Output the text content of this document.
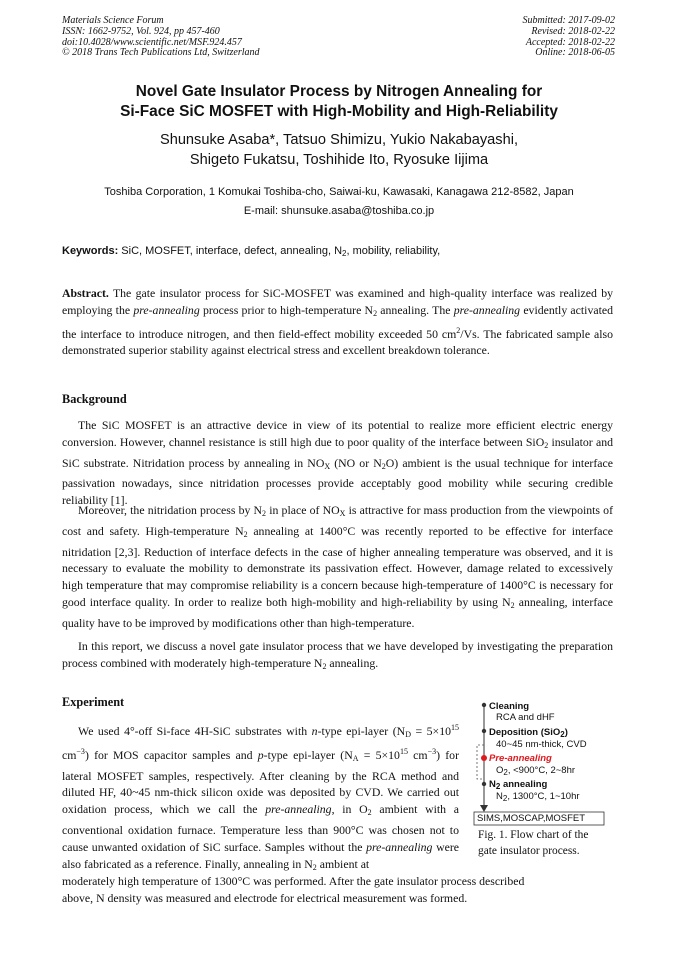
Materials Science Forum
ISSN: 1662-9752, Vol. 924, pp 457-460
doi:10.4028/www.scientific.net/MSF.924.457
© 2018 Trans Tech Publications Ltd, Switzerland
Submitted: 2017-09-02
Revised: 2018-02-22
Accepted: 2018-02-22
Online: 2018-06-05
Novel Gate Insulator Process by Nitrogen Annealing for
Si-Face SiC MOSFET with High-Mobility and High-Reliability
Shunsuke Asaba*, Tatsuo Shimizu, Yukio Nakabayashi,
Shigeto Fukatsu, Toshihide Ito, Ryosuke Iijima
Toshiba Corporation, 1 Komukai Toshiba-cho, Saiwai-ku, Kawasaki, Kanagawa 212-8582, Japan
E-mail: shunsuke.asaba@toshiba.co.jp
Keywords: SiC, MOSFET, interface, defect, annealing, $N_2$, mobility, reliability,
Abstract. The gate insulator process for SiC-MOSFET was examined and high-quality interface was realized by employing the pre-annealing process prior to high-temperature $N_2$ annealing. The pre-annealing evidently activated the interface to introduce nitrogen, and then field-effect mobility exceeded 50 $cm^2/Vs$. The fabricated sample also demonstrated superior stability against electrical stress and excellent breakdown tolerance.
Background
The SiC MOSFET is an attractive device in view of its potential to realize more efficient electric energy conversion. However, channel resistance is still high due to poor quality of the interface between SiO$_2$ insulator and SiC substrate. Nitridation process by annealing in $NO_X$ (NO or $N_2O$) ambient is the usual technique for interface passivation nowadays, since nitridation processes provide acceptably good mobility while securing credible reliability [1].
Moreover, the nitridation process by $N_2$ in place of $NO_X$ is attractive for mass production from the viewpoints of cost and safety. High-temperature $N_2$ annealing at 1400°C was recently reported to be effective for interface nitridation [2,3]. Reduction of interface defects in the case of higher annealing temperature was observed, and it is necessary to evaluate the mobility to demonstrate its passivation effect. However, damage related to excessively high temperature that may compromise reliability is a concern because high-temperature of 1400°C is necessary for good interface quality. In order to realize both high-mobility and high-reliability by using $N_2$ annealing, interface quality have to be improved by modifications other than high-temperature.
In this report, we discuss a novel gate insulator process that we have developed by investigating the preparation process combined with moderately high-temperature $N_2$ annealing.
Experiment
We used 4°-off Si-face 4H-SiC substrates with n-type epi-layer ($N_D = 5\times 10^{15}$ $cm^{-3}$) for MOS capacitor samples and p-type epi-layer ($N_A = 5\times 10^{15}$ $cm^{-3}$) for lateral MOSFET samples, respectively. After cleaning by the RCA method and diluted HF, 40~45 nm-thick silicon oxide was deposited by CVD. We carried out oxidation process, which we call the pre-annealing, in $O_2$ ambient with a conventional oxidation furnace. Temperature less than 900°C was chosen not to cause unwanted oxidation of SiC surface. Samples without the pre-annealing were also fabricated as a reference. Finally, annealing in $N_2$ ambient at
moderately high temperature of 1300°C was performed. After the gate insulator process described
above, N density was measured and electrode for electrical measurement was formed.
Cleaning
RCA and dHF
Deposition (SiO$_2$)
40~45 nm-thick, CVD
Pre-annealing
$O_2$, <900°C, 2~8hr
$N_2$ annealing
$N_2$, 1300°C, 1~10hr
SIMS,MOSCAP,MOSFET
Fig. 1. Flow chart of the
gate insulator process.
